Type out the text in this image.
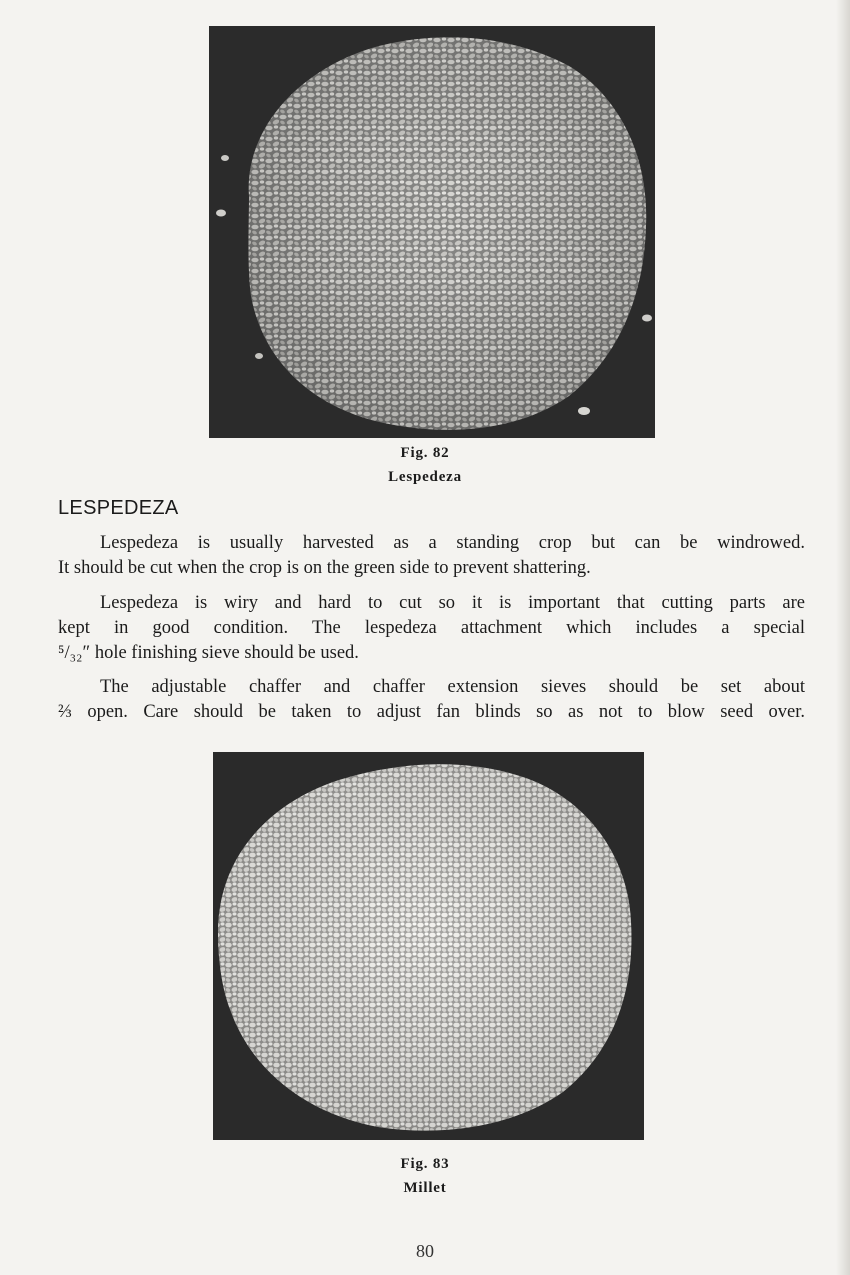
Fig. 82
Lespedeza
LESPEDEZA
Lespedeza is usually harvested as a standing crop but can be windrowed.
It should be cut when the crop is on the green side to prevent shattering.
Lespedeza is wiry and hard to cut so it is important that cutting parts are
kept in good condition. The lespedeza attachment which includes a special
⁵/₃₂″ hole finishing sieve should be used.
The adjustable chaffer and chaffer extension sieves should be set about
⅔ open. Care should be taken to adjust fan blinds so as not to blow seed over.
Fig. 83
Millet
80
